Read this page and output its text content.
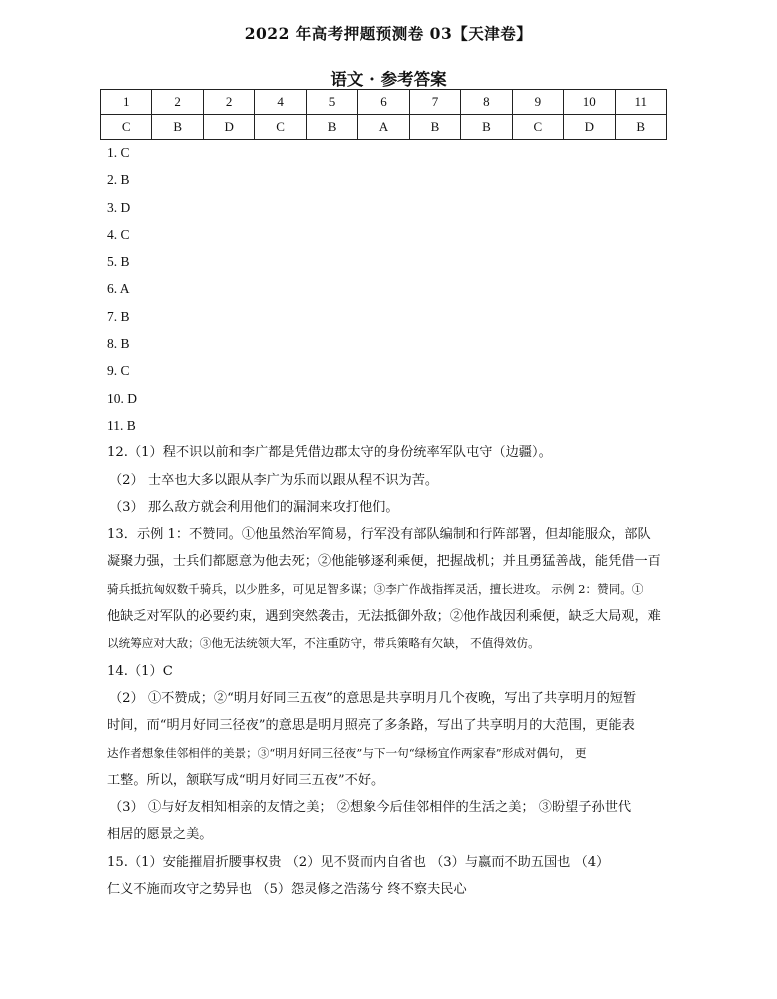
2022 年高考押题预测卷 03【天津卷】
语文 · 参考答案
1	2	2	4	5	6	7	8	9	10	11
C	B	D	C	B	A	B	B	C	D	B
1. C
2. B
3. D
4. C
5. B
6. A
7. B
8. B
9. C
10. D
11. B
12.（1）程不识以前和李广都是凭借边郡太守的身份统率军队屯守（边疆）。
（2） 士卒也大多以跟从李广为乐而以跟从程不识为苦。
（3） 那么敌方就会利用他们的漏洞来攻打他们。
13．示例 1：不赞同。①他虽然治军简易，行军没有部队编制和行阵部署，但却能服众，部队
凝聚力强，士兵们都愿意为他去死；②他能够逐利乘便，把握战机；并且勇猛善战，能凭借一百
骑兵抵抗匈奴数千骑兵，以少胜多，可见足智多谋；③李广作战指挥灵活，擅长进攻。 示例 2：赞同。①
他缺乏对军队的必要约束，遇到突然袭击，无法抵御外敌；②他作战因利乘便，缺乏大局观，难
以统筹应对大敌；③他无法统领大军，不注重防守，带兵策略有欠缺， 不值得效仿。
14.（1）C
（2） ①不赞成；②“明月好同三五夜”的意思是共享明月几个夜晚，写出了共享明月的短暂
时间，而“明月好同三径夜”的意思是明月照亮了多条路，写出了共享明月的大范围，更能表
达作者想象佳邻相伴的美景；③“明月好同三径夜”与下一句“绿杨宜作两家春”形成对偶句， 更
工整。所以，颔联写成“明月好同三五夜”不好。
（3） ①与好友相知相亲的友情之美； ②想象今后佳邻相伴的生活之美； ③盼望子孙世代
相居的愿景之美。
15.（1）安能摧眉折腰事权贵 （2）见不贤而内自省也 （3）与嬴而不助五国也 （4）
仁义不施而攻守之势异也 （5）怨灵修之浩荡兮 终不察夫民心
